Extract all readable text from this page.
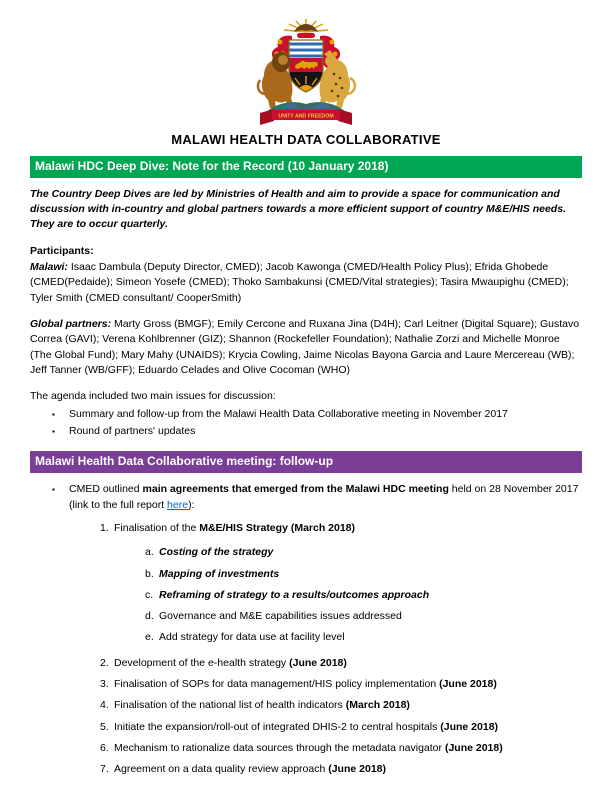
UNITY AND FREEDOM
MALAWI HEALTH DATA COLLABORATIVE
Malawi HDC Deep Dive: Note for the Record (10 January 2018)

The Country Deep Dives are led by Ministries of Health and aim to provide a space for communication and discussion with in-country and global partners towards a more efficient support of country M&E/HIS needs. They are to occur quarterly.

Participants:

Malawi: Isaac Dambula (Deputy Director, CMED); Jacob Kawonga (CMED/Health Policy Plus); Efrida Ghobede (CMED(Pedaide); Simeon Yosefe (CMED); Thoko Sambakunsi (CMED/Vital strategies); Tasira Mwaupighu (CMED); Tyler Smith (CMED consultant/ CooperSmith)

Global partners: Marty Gross (BMGF); Emily Cercone and Ruxana Jina (D4H); Carl Leitner (Digital Square); Gustavo Correa (GAVI); Verena Kohlbrenner (GIZ); Shannon (Rockefeller Foundation); Nathalie Zorzi and Michelle Monroe (The Global Fund); Mary Mahy (UNAIDS); Krycia Cowling, Jaime Nicolas Bayona Garcia and Laure Mercereau (WB); Jeff Tanner (WB/GFF); Eduardo Celades and Olive Cocoman (WHO)

The agenda included two main issues for discussion:

▪ Summary and follow-up from the Malawi Health Data Collaborative meeting in November 2017
▪ Round of partners' updates
Malawi Health Data Collaborative meeting: follow-up
▪ CMED outlined main agreements that emerged from the Malawi HDC meeting held on 28 November 2017 (link to the full report here):
1. Finalisation of the M&E/HIS Strategy (March 2018)
a. Costing of the strategy
b. Mapping of investments
c. Reframing of strategy to a results/outcomes approach
d. Governance and M&E capabilities issues addressed
e. Add strategy for data use at facility level
2. Development of the e-health strategy (June 2018)
3. Finalisation of SOPs for data management/HIS policy implementation (June 2018)
4. Finalisation of the national list of health indicators (March 2018)
5. Initiate the expansion/roll-out of integrated DHIS-2 to central hospitals (June 2018)
6. Mechanism to rationalize data sources through the metadata navigator (June 2018)
7. Agreement on a data quality review approach (June 2018)
